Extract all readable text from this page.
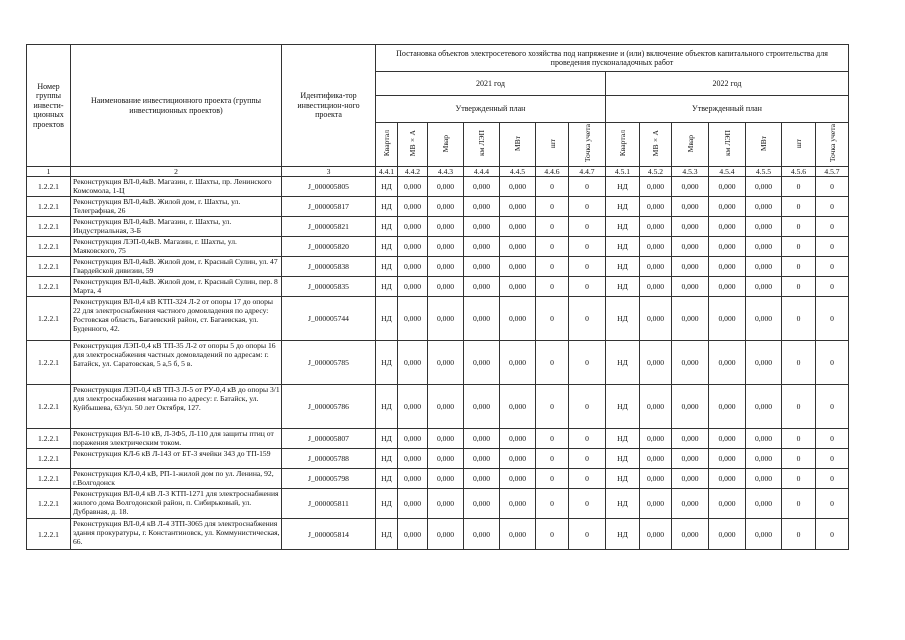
Номер группы инвести-ционных проектов	Наименование инвестиционного проекта (группы инвестиционных проектов)	Идентифика-тор инвестицион-ного проекта	Постановка объектов электросетевого хозяйства под напряжение и (или) включение объектов капитального строительства для проведения пусконаладочных работ													
			2021 год							2022 год						
			Утвержденный план							Утвержденный план						
			Квартал	МВ×А	Мвар	км ЛЭП	МВт	шт	Точка учета	Квартал	МВ×А	Мвар	км ЛЭП	МВт	шт	Точка учета
1	2	3	4.4.1	4.4.2	4.4.3	4.4.4	4.4.5	4.4.6	4.4.7	4.5.1	4.5.2	4.5.3	4.5.4	4.5.5	4.5.6	4.5.7
1.2.2.1	Реконструкция ВЛ-0,4кВ. Магазин, г. Шахты, пр. Ленинского Комсомола, 1-Ц	J_000005805	НД	0,000	0,000	0,000	0,000	0	0	НД	0,000	0,000	0,000	0,000	0	0
1.2.2.1	Реконструкция ВЛ-0,4кВ. Жилой дом, г. Шахты, ул. Телеграфная, 26	J_000005817	НД	0,000	0,000	0,000	0,000	0	0	НД	0,000	0,000	0,000	0,000	0	0
1.2.2.1	Реконструкция ВЛ-0,4кВ. Магазин, г. Шахты, ул. Индустриальная, 3-Б	J_000005821	НД	0,000	0,000	0,000	0,000	0	0	НД	0,000	0,000	0,000	0,000	0	0
1.2.2.1	Реконструкция ЛЭП-0,4кВ. Магазин, г. Шахты, ул. Маяковского, 75	J_000005820	НД	0,000	0,000	0,000	0,000	0	0	НД	0,000	0,000	0,000	0,000	0	0
1.2.2.1	Реконструкция ВЛ-0,4кВ. Жилой дом, г. Красный Сулин, ул. 47 Гвардейской дивизии, 59	J_000005838	НД	0,000	0,000	0,000	0,000	0	0	НД	0,000	0,000	0,000	0,000	0	0
1.2.2.1	Реконструкция ВЛ-0,4кВ. Жилой дом, г. Красный Сулин, пер. 8 Марта, 4	J_000005835	НД	0,000	0,000	0,000	0,000	0	0	НД	0,000	0,000	0,000	0,000	0	0
1.2.2.1	Реконструкция ВЛ-0,4 кВ КТП-324 Л-2 от опоры 17 до опоры 22 для электроснабжения частного домовладения по адресу: Ростовская область, Багаевский район, ст. Багаевская, ул. Буденного, 42.	J_000005744	НД	0,000	0,000	0,000	0,000	0	0	НД	0,000	0,000	0,000	0,000	0	0
1.2.2.1	Реконструкция ЛЭП-0,4 кВ ТП-35 Л-2 от опоры 5 до опоры 16 для электроснабжения частных домовладений по адресам: г. Батайск, ул. Саратовская, 5 а,5 б, 5 в.	J_000005785	НД	0,000	0,000	0,000	0,000	0	0	НД	0,000	0,000	0,000	0,000	0	0
1.2.2.1	Реконструкция ЛЭП-0,4 кВ ТП-3 Л-5 от РУ-0,4 кВ до опоры 3/1 для электроснабжения магазина по адресу: г. Батайск, ул. Куйбышева, 63/ул. 50 лет Октября, 127.	J_000005786	НД	0,000	0,000	0,000	0,000	0	0	НД	0,000	0,000	0,000	0,000	0	0
1.2.2.1	Реконструкция ВЛ-6-10 кВ, Л-3Ф5, Л-110 для защиты птиц от поражения электрическим током.	J_000005807	НД	0,000	0,000	0,000	0,000	0	0	НД	0,000	0,000	0,000	0,000	0	0
1.2.2.1	Реконструкция КЛ-6 кВ Л-143 от БТ-3 ячейки 343 до ТП-159	J_000005788	НД	0,000	0,000	0,000	0,000	0	0	НД	0,000	0,000	0,000	0,000	0	0
1.2.2.1	Реконструкция КЛ-0,4 кВ, РП-1-жилой дом по ул. Ленина, 92, г.Волгодонск	J_000005798	НД	0,000	0,000	0,000	0,000	0	0	НД	0,000	0,000	0,000	0,000	0	0
1.2.2.1	Реконструкция ВЛ-0,4 кВ Л-3 КТП-1271 для электроснабжения жилого дома Волгодонской район, п. Сибирьковый, ул. Дубравная, д. 18.	J_000005811	НД	0,000	0,000	0,000	0,000	0	0	НД	0,000	0,000	0,000	0,000	0	0
1.2.2.1	Реконструкция ВЛ-0,4 кВ Л-4 ЗТП-3065 для электроснабжения здания прокуратуры, г. Константиновск, ул. Коммунистическая, 66.	J_000005814	НД	0,000	0,000	0,000	0,000	0	0	НД	0,000	0,000	0,000	0,000	0	0
